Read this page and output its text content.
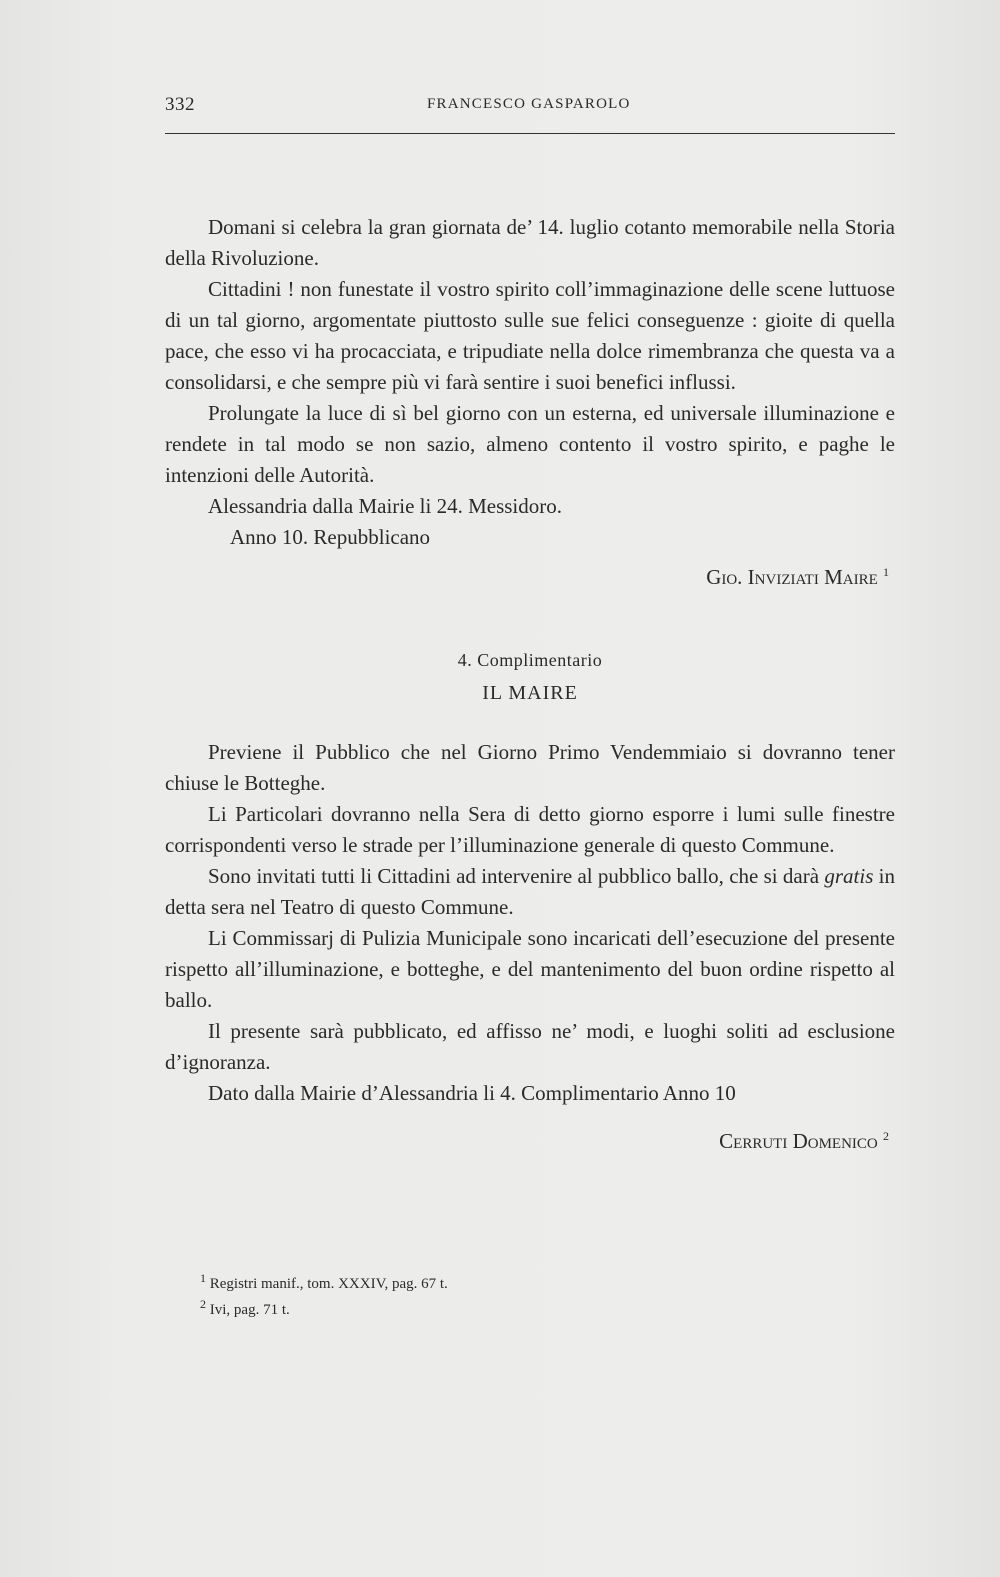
332	FRANCESCO GASPAROLO

Domani si celebra la gran giornata de’ 14. luglio cotanto memorabile nella Storia della Rivoluzione.

Cittadini ! non funestate il vostro spirito coll’immaginazione delle scene luttuose di un tal giorno, argomentate piuttosto sulle sue felici conseguenze : gioite di quella pace, che esso vi ha procacciata, e tripudiate nella dolce rimembranza che questa va a consolidarsi, e che sempre più vi farà sentire i suoi benefici influssi.

Prolungate la luce di sì bel giorno con un esterna, ed universale illuminazione e rendete in tal modo se non sazio, almeno contento il vostro spirito, e paghe le intenzioni delle Autorità.

Alessandria dalla Mairie li 24. Messidoro.

Anno 10. Repubblicano
Gio. Inviziati Maire $^1$
4. Complimentario
IL MAIRE

Previene il Pubblico che nel Giorno Primo Vendemmiaio si dovranno tener chiuse le Botteghe.

Li Particolari dovranno nella Sera di detto giorno esporre i lumi sulle finestre corrispondenti verso le strade per l’illuminazione generale di questo Commune.

Sono invitati tutti li Cittadini ad intervenire al pubblico ballo, che si darà gratis in detta sera nel Teatro di questo Commune.

Li Commissarj di Pulizia Municipale sono incaricati dell’esecuzione del presente rispetto all’illuminazione, e botteghe, e del mantenimento del buon ordine rispetto al ballo.

Il presente sarà pubblicato, ed affisso ne’ modi, e luoghi soliti ad esclusione d’ignoranza.

Dato dalla Mairie d’Alessandria li 4. Complimentario Anno 10

Cerruti Domenico $^2$
$^1$ Registri manif., tom. XXXIV, pag. 67 t.
$^2$ Ivi, pag. 71 t.
